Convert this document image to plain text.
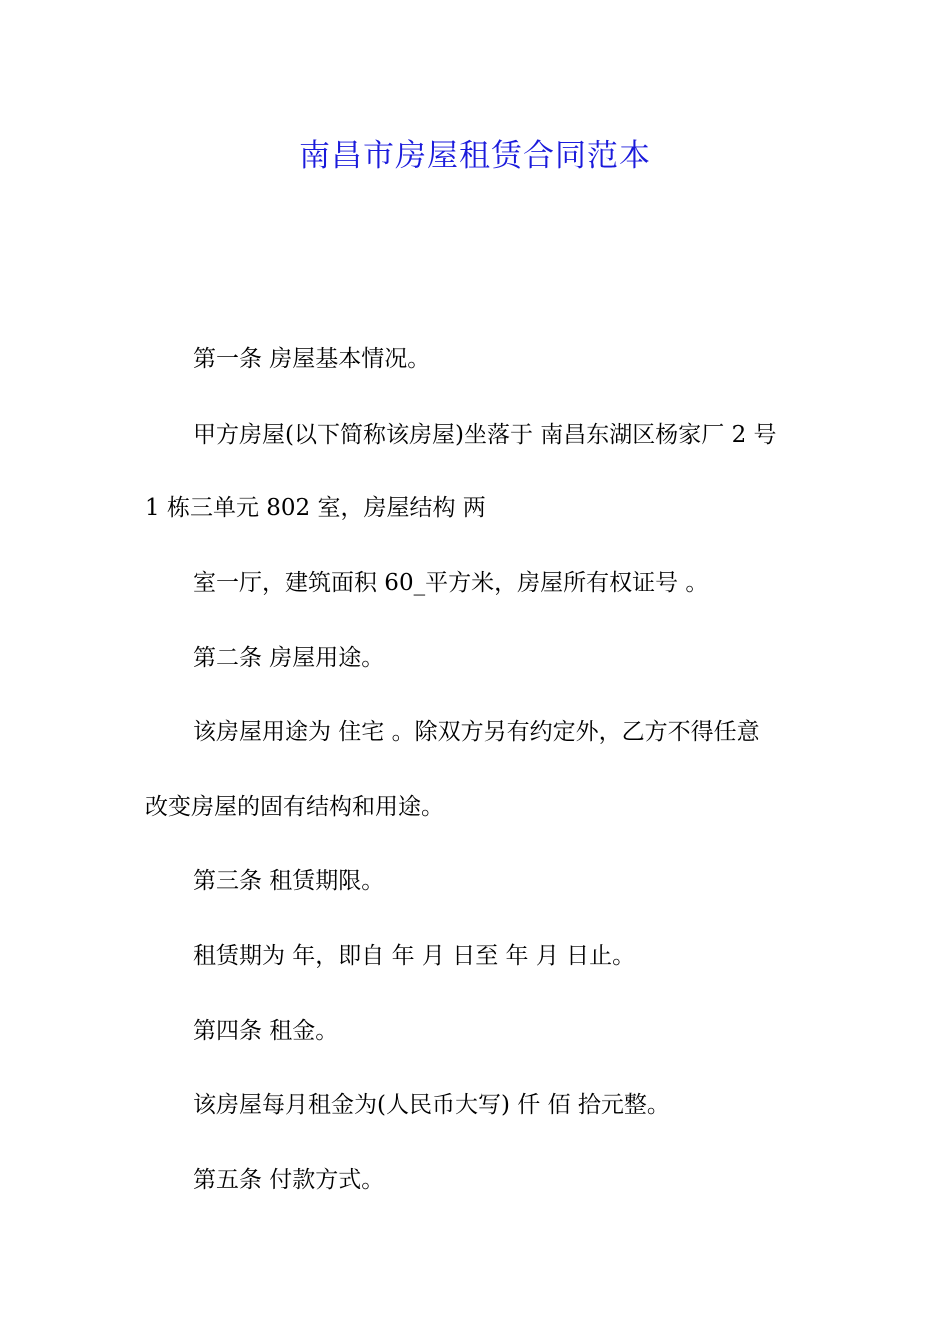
南昌市房屋租赁合同范本

第一条 房屋基本情况。

甲方房屋(以下简称该房屋)坐落于 南昌东湖区杨家厂 2 号

1 栋三单元 802 室，房屋结构 两

室一厅，建筑面积 60_平方米，房屋所有权证号 。

第二条 房屋用途。

该房屋用途为 住宅 。除双方另有约定外，乙方不得任意

改变房屋的固有结构和用途。

第三条 租赁期限。

租赁期为 年，即自 年 月 日至 年 月 日止。

第四条 租金。

该房屋每月租金为(人民币大写) 仟 佰 拾元整。

第五条 付款方式。
